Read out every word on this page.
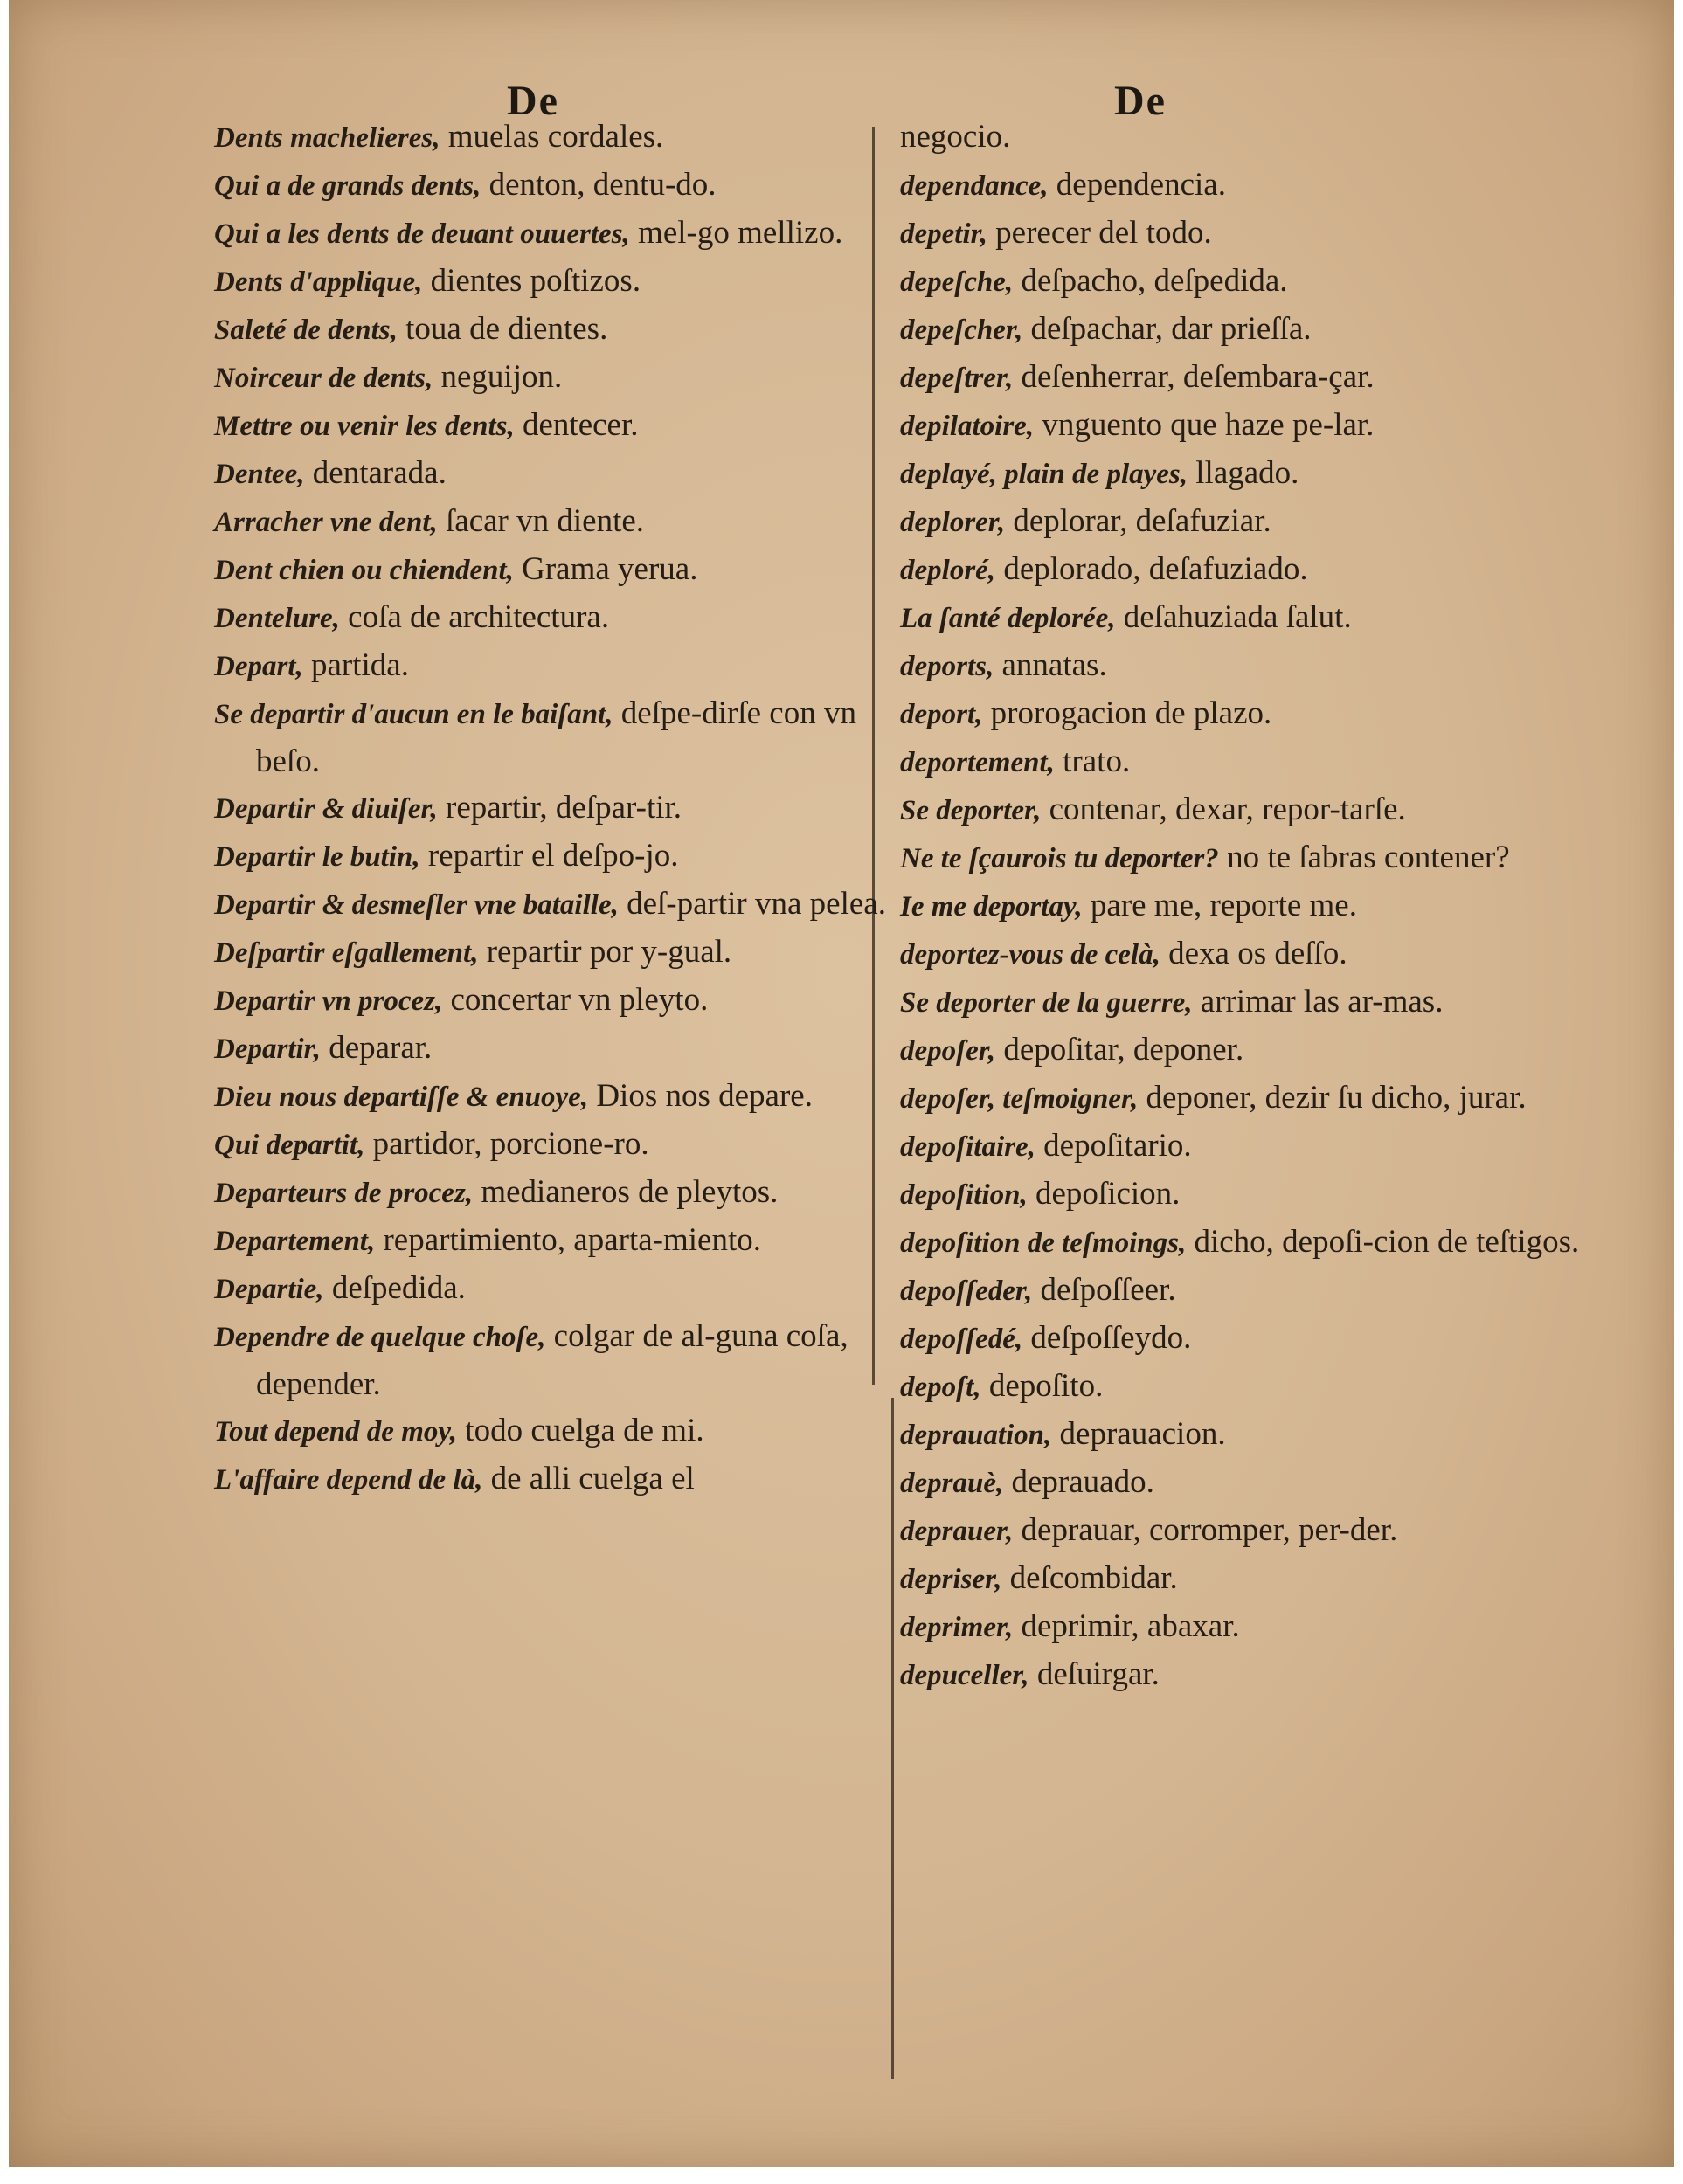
De	De

Dents machelieres, muelas cordales.

Qui a de grands dents, denton, dentu-do.

Qui a les dents de deuant ouuertes, mel-go mellizo.

Dents d'applique, dientes poſtizos.

Saleté de dents, toua de dientes.

Noirceur de dents, neguijon.

Mettre ou venir les dents, dentecer.

Dentee, dentarada.

Arracher vne dent, ſacar vn diente.

Dent chien ou chiendent, Grama yerua.

Dentelure, coſa de architectura.

Depart, partida.

Se departir d'aucun en le baiſant, deſpe-dirſe con vn beſo.

Departir & diuiſer, repartir, deſpar-tir.

Departir le butin, repartir el deſpo-jo.

Departir & desmeſler vne bataille, deſ-partir vna pelea.

Deſpartir eſgallement, repartir por y-gual.

Departir vn procez, concertar vn pleyto.

Departir, deparar.

Dieu nous departiſſe & enuoye, Dios nos depare.

Qui departit, partidor, porcione-ro.

Departeurs de procez, medianeros de pleytos.

Departement, repartimiento, aparta-miento.

Departie, deſpedida.

Dependre de quelque choſe, colgar de al-guna coſa, depender.

Tout depend de moy, todo cuelga de mi.

L'affaire depend de là, de alli cuelga el

negocio.

dependance, dependencia.

depetir, perecer del todo.

depeſche, deſpacho, deſpedida.

depeſcher, deſpachar, dar prieſſa.

depeſtrer, deſenherrar, deſembara-çar.

depilatoire, vnguento que haze pe-lar.

deplayé, plain de playes, llagado.

deplorer, deplorar, deſafuziar.

deploré, deplorado, deſafuziado.

La ſanté deplorée, deſahuziada ſalut.

deports, annatas.

deport, prorogacion de plazo.

deportement, trato.

Se deporter, contenar, dexar, repor-tarſe.

Ne te ſçaurois tu deporter? no te ſabras contener?

Ie me deportay, pare me, reporte me.

deportez-vous de celà, dexa os deſſo.

Se deporter de la guerre, arrimar las ar-mas.

depoſer, depoſitar, deponer.

depoſer, teſmoigner, deponer, dezir ſu dicho, jurar.

depoſitaire, depoſitario.

depoſition, depoſicion.

depoſition de teſmoings, dicho, depoſi-cion de teſtigos.

depoſſeder, deſpoſſeer.

depoſſedé, deſpoſſeydo.

depoſt, depoſito.

deprauation, deprauacion.

deprauè, deprauado.

deprauer, deprauar, corromper, per-der.

depriser, deſcombidar.

deprimer, deprimir, abaxar.

depuceller, deſuirgar.
